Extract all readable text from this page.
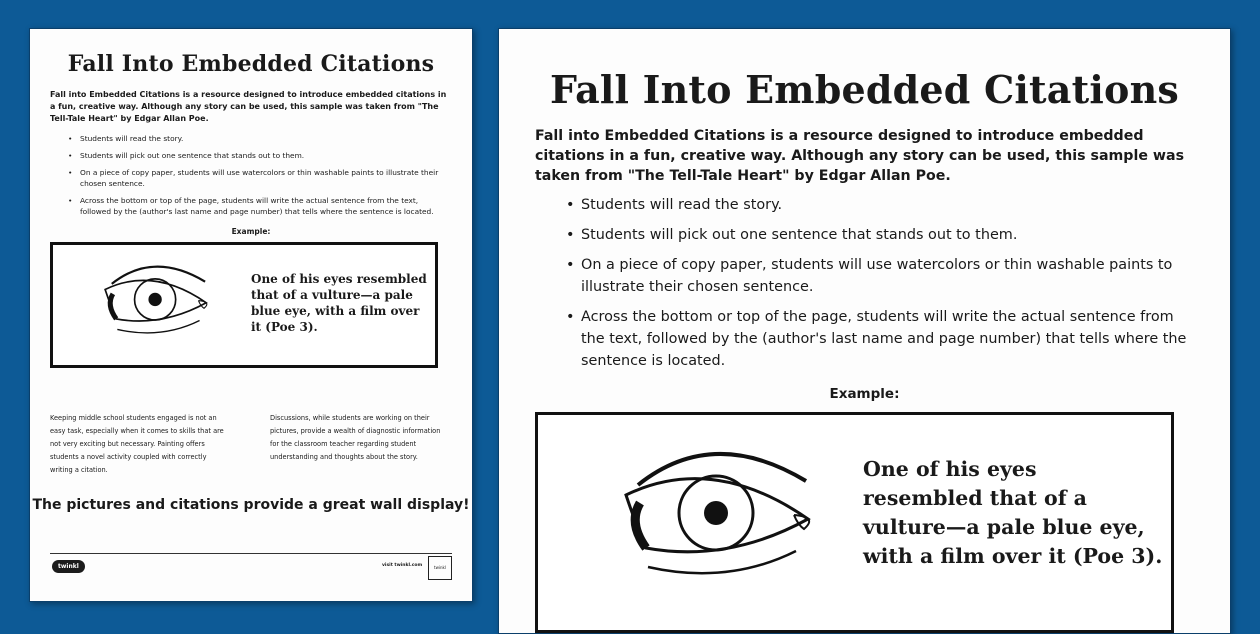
Fall Into Embedded Citations

Fall into Embedded Citations is a resource designed to introduce embedded citations in a fun, creative way. Although any story can be used, this sample was taken from "The Tell-Tale Heart" by Edgar Allan Poe.

• Students will read the story.
• Students will pick out one sentence that stands out to them.
• On a piece of copy paper, students will use watercolors or thin washable paints to illustrate their chosen sentence.
• Across the bottom or top of the page, students will write the actual sentence from the text, followed by the (author's last name and page number) that tells where the sentence is located.

Example:

One of his eyes resembled that of a vulture—a pale blue eye, with a film over it (Poe 3).

Keeping middle school students engaged is not an easy task, especially when it comes to skills that are not very exciting but necessary. Painting offers students a novel activity coupled with correctly writing a citation.

Discussions, while students are working on their pictures, provide a wealth of diagnostic information for the classroom teacher regarding student understanding and thoughts about the story.

The pictures and citations provide a great wall display!

twinkl	visit twinkl.com	twinkl
Fall Into Embedded Citations

Fall into Embedded Citations is a resource designed to introduce embedded citations in a fun, creative way. Although any story can be used, this sample was taken from "The Tell-Tale Heart" by Edgar Allan Poe.

• Students will read the story.
• Students will pick out one sentence that stands out to them.
• On a piece of copy paper, students will use watercolors or thin washable paints to illustrate their chosen sentence.
• Across the bottom or top of the page, students will write the actual sentence from the text, followed by the (author's last name and page number) that tells where the sentence is located.

Example:

One of his eyes resembled that of a vulture—a pale blue eye, with a film over it (Poe 3).
